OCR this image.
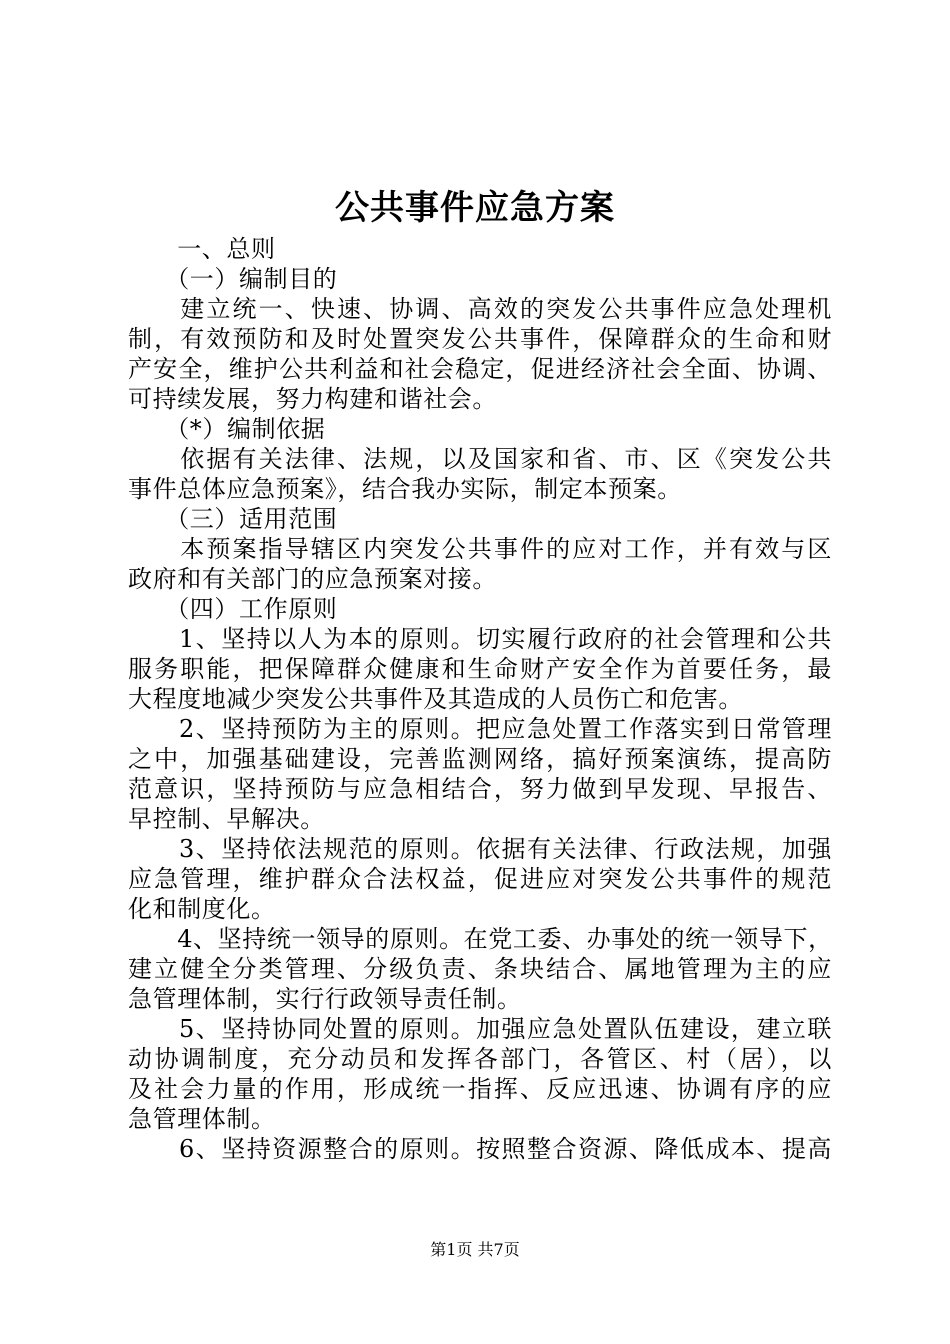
公共事件应急方案
　　一、总则
　　（一）编制目的
　　建立统一、快速、协调、高效的突发公共事件应急处理机
制，有效预防和及时处置突发公共事件，保障群众的生命和财
产安全，维护公共利益和社会稳定，促进经济社会全面、协调、
可持续发展，努力构建和谐社会。
　　（*）编制依据
　　依据有关法律、法规，以及国家和省、市、区《突发公共
事件总体应急预案》，结合我办实际，制定本预案。
　　（三）适用范围
　　本预案指导辖区内突发公共事件的应对工作，并有效与区
政府和有关部门的应急预案对接。
　　（四）工作原则
　　1、坚持以人为本的原则。切实履行政府的社会管理和公共
服务职能，把保障群众健康和生命财产安全作为首要任务，最
大程度地减少突发公共事件及其造成的人员伤亡和危害。
　　2、坚持预防为主的原则。把应急处置工作落实到日常管理
之中，加强基础建设，完善监测网络，搞好预案演练，提高防
范意识，坚持预防与应急相结合，努力做到早发现、早报告、
早控制、早解决。
　　3、坚持依法规范的原则。依据有关法律、行政法规，加强
应急管理，维护群众合法权益，促进应对突发公共事件的规范
化和制度化。
　　4、坚持统一领导的原则。在党工委、办事处的统一领导下，
建立健全分类管理、分级负责、条块结合、属地管理为主的应
急管理体制，实行行政领导责任制。
　　5、坚持协同处置的原则。加强应急处置队伍建设，建立联
动协调制度，充分动员和发挥各部门，各管区、村（居），以
及社会力量的作用，形成统一指挥、反应迅速、协调有序的应
急管理体制。
　　6、坚持资源整合的原则。按照整合资源、降低成本、提高
第1页 共7页
